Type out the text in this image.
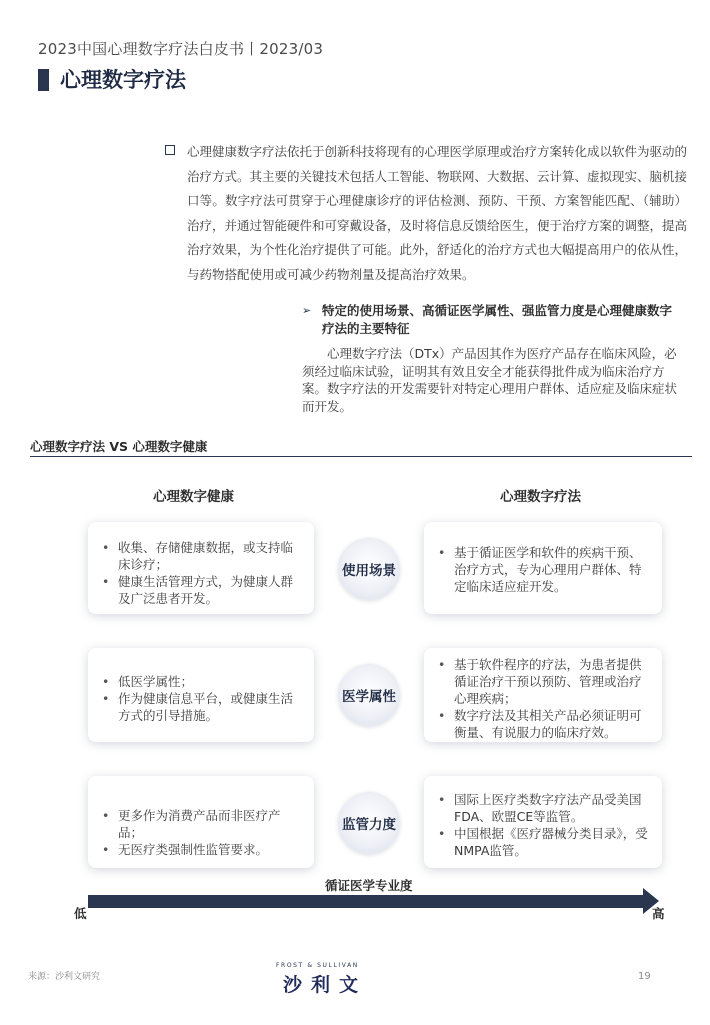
2023中国心理数字疗法白皮书丨2023/03
心理数字疗法
心理健康数字疗法依托于创新科技将现有的心理医学原理或治疗方案转化成以软件为驱动的治疗方式。其主要的关键技术包括人工智能、物联网、大数据、云计算、虚拟现实、脑机接口等。数字疗法可贯穿于心理健康诊疗的评估检测、预防、干预、方案智能匹配、（辅助）治疗，并通过智能硬件和可穿戴设备，及时将信息反馈给医生，便于治疗方案的调整，提高治疗效果，为个性化治疗提供了可能。此外，舒适化的治疗方式也大幅提高用户的依从性，与药物搭配使用或可减少药物剂量及提高治疗效果。
➢ 特定的使用场景、高循证医学属性、强监管力度是心理健康数字疗法的主要特征
心理数字疗法（DTx）产品因其作为医疗产品存在临床风险，必须经过临床试验，证明其有效且安全才能获得批件成为临床治疗方案。数字疗法的开发需要针对特定心理用户群体、适应症及临床症状而开发。
心理数字疗法 VS 心理数字健康
心理数字健康	心理数字疗法
• 收集、存储健康数据，或支持临床诊疗；
• 健康生活管理方式，为健康人群及广泛患者开发。
使用场景
• 基于循证医学和软件的疾病干预、治疗方式，专为心理用户群体、特定临床适应症开发。
• 低医学属性；
• 作为健康信息平台，或健康生活方式的引导措施。
医学属性
• 基于软件程序的疗法，为患者提供循证治疗干预以预防、管理或治疗心理疾病；
• 数字疗法及其相关产品必须证明可衡量、有说服力的临床疗效。
• 更多作为消费产品而非医疗产品；
• 无医疗类强制性监管要求。
监管力度
• 国际上医疗类数字疗法产品受美国FDA、欧盟CE等监管。
• 中国根据《医疗器械分类目录》，受NMPA监管。
循证医学专业度
低	高
来源：沙利文研究
FROST & SULLIVAN
沙利文	19
